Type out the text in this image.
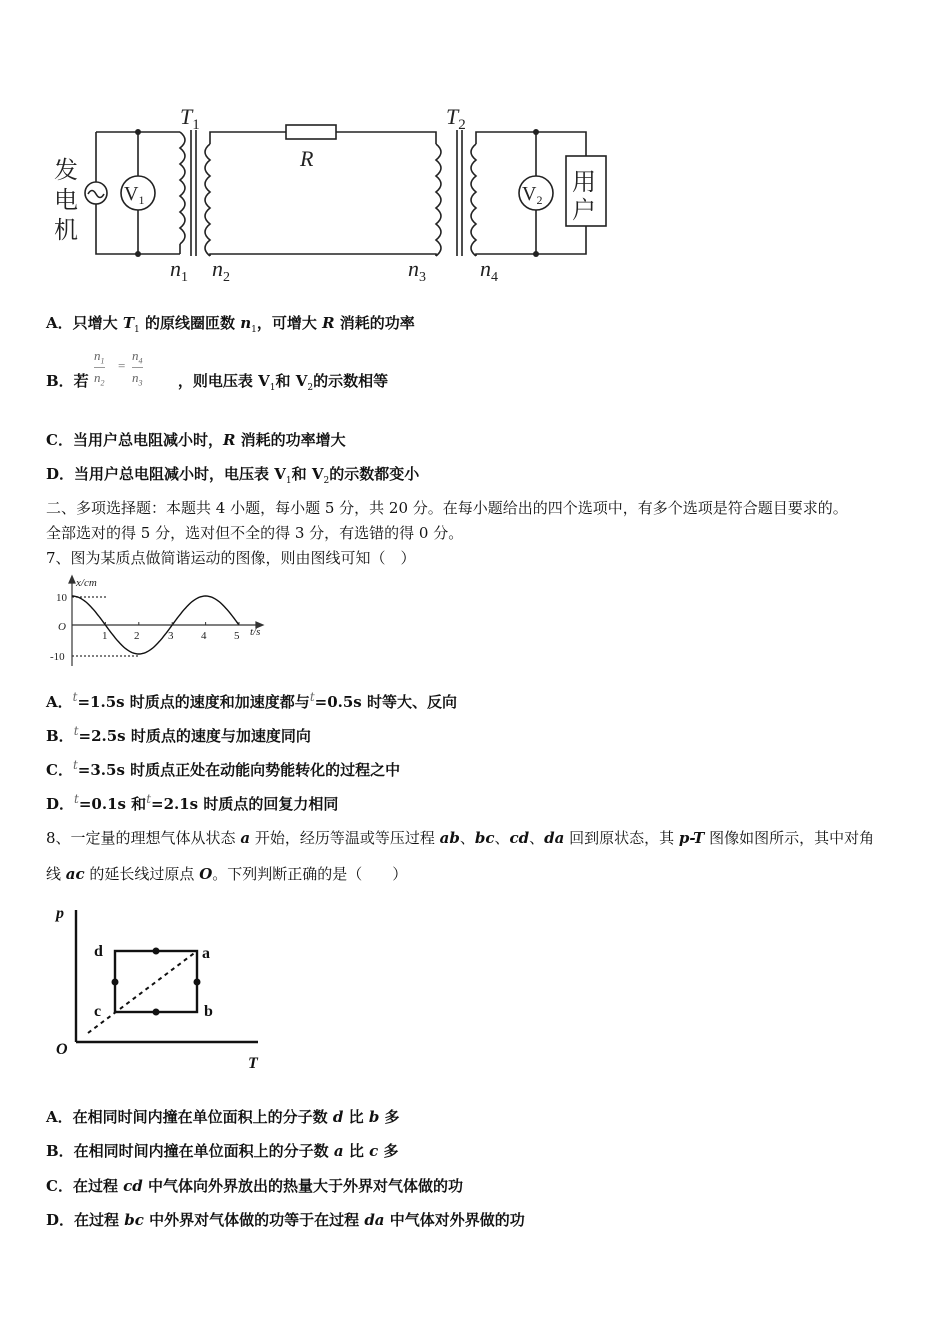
发
电
机
用
户
$T_1$	$T_2$
R
$n_1$ $n_2$	$n_3$ $n_4$
$V_1$	$V_2$
A．只增大 $T_1$ 的原线圈匝数 $n_1$，可增大 R 消耗的功率
B．若	，则电压表 $V_1$和 $V_2$的示数相等
$\frac{n_1}{n_2} = \frac{n_4}{n_3}$
C．当用户总电阻减小时，R 消耗的功率增大
D．当用户总电阻减小时，电压表 $V_1$和 $V_2$的示数都变小
二、多项选择题：本题共 4 小题，每小题 5 分，共 20 分。在每小题给出的四个选项中，有多个选项是符合题目要求的。
全部选对的得 5 分，选对但不全的得 3 分，有选错的得 0 分。
7、图为某质点做简谐运动的图像，则由图线可知（　）
x/cm
t/s
O
10
-10
1 2	3	4	5
A．$^t$=1.5s 时质点的速度和加速度都与$^t$=0.5s 时等大、反向
B．$^t$=2.5s 时质点的速度与加速度同向
C．$^t$=3.5s 时质点正处在动能向势能转化的过程之中
D．$^t$=0.1s 和$^t$=2.1s 时质点的回复力相同
8、一定量的理想气体从状态 a 开始，经历等温或等压过程 ab、bc、cd、da 回到原状态，其 p-T 图像如图所示，其中对角
线 ac 的延长线过原点 O。下列判断正确的是（　　）
p
T
O
a
b
c
d
A．在相同时间内撞在单位面积上的分子数 d 比 b 多
B．在相同时间内撞在单位面积上的分子数 a 比 c 多
C．在过程 cd 中气体向外界放出的热量大于外界对气体做的功
D．在过程 bc 中外界对气体做的功等于在过程 da 中气体对外界做的功
